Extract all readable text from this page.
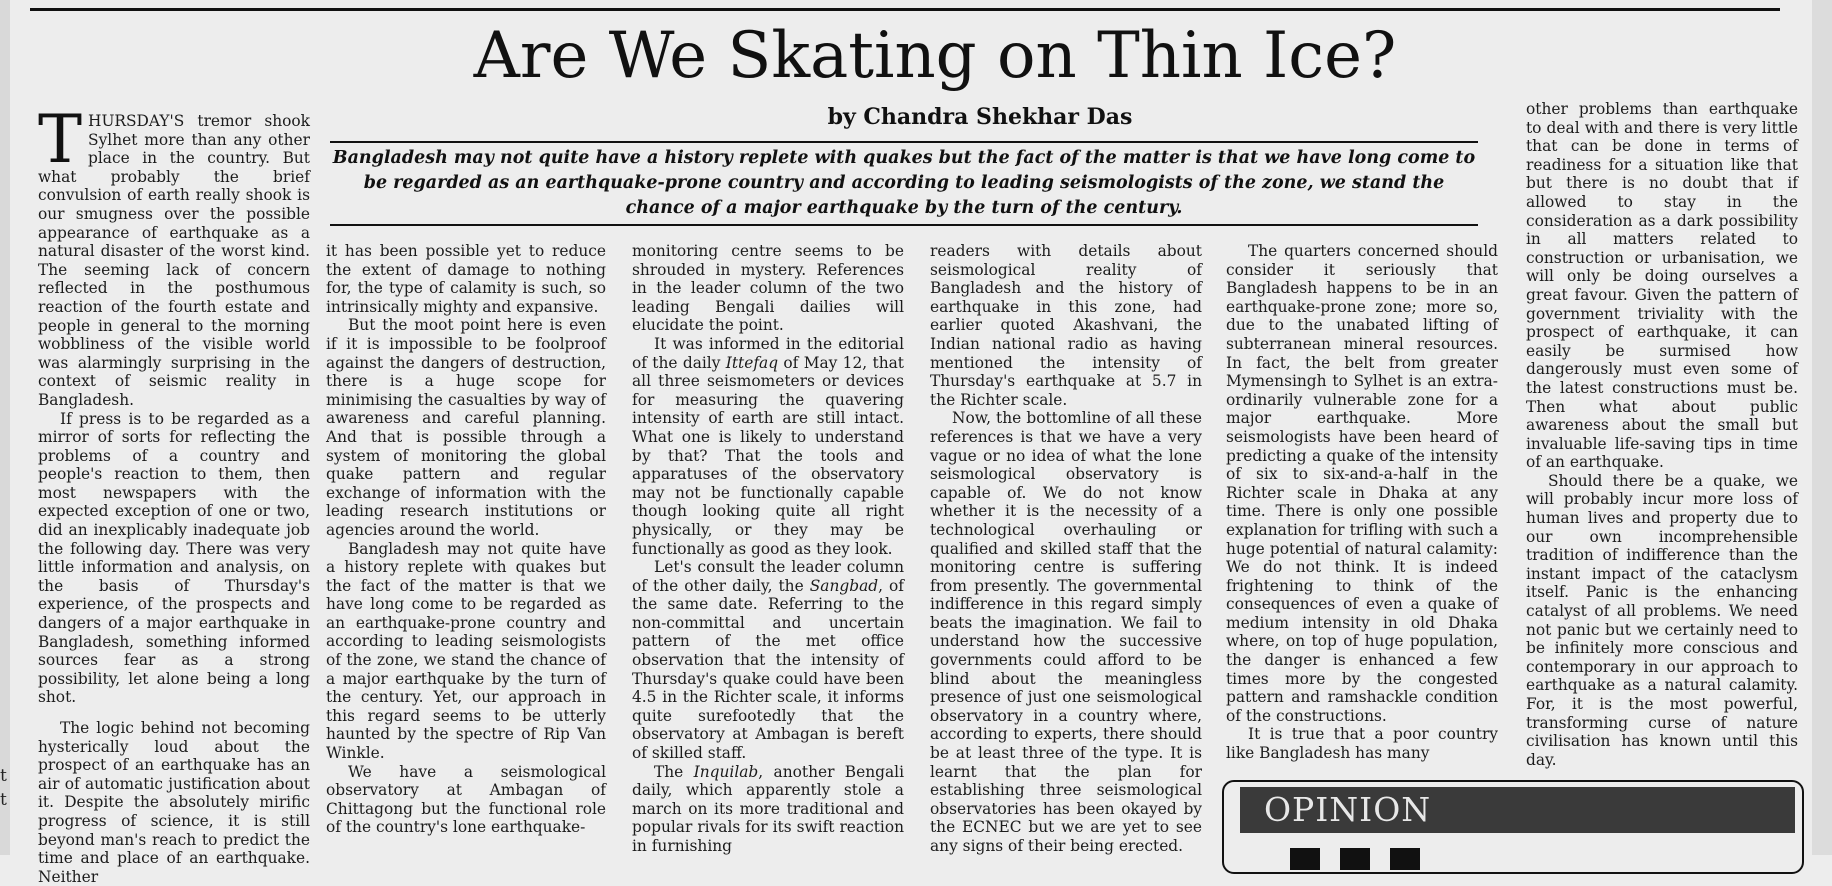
t
t
Are We Skating on Thin Ice?
by Chandra Shekhar Das
Bangladesh may not quite have a history replete with quakes but the fact of the matter is that we have long come to be regarded as an earthquake-prone country and according to leading seismologists of the zone, we stand the chance of a major earthquake by the turn of the century.

T HURSDAY'S tremor shook Sylhet more than any other place in the country. But what probably the brief convulsion of earth really shook is our smugness over the possible appearance of earthquake as a natural disaster of the worst kind. The seeming lack of concern reflected in the posthumous reaction of the fourth estate and people in general to the morning wobbliness of the visible world was alarmingly surprising in the context of seismic reality in Bangladesh.

If press is to be regarded as a mirror of sorts for reflecting the problems of a country and people's reaction to them, then most newspapers with the expected exception of one or two, did an inexplicably inadequate job the following day. There was very little information and analysis, on the basis of Thursday's experience, of the prospects and dangers of a major earthquake in Bangladesh, something informed sources fear as a strong possibility, let alone being a long shot.

The logic behind not becoming hysterically loud about the prospect of an earthquake has an air of automatic justification about it. Despite the absolutely mirific progress of science, it is still beyond man's reach to predict the time and place of an earthquake. Neither

it has been possible yet to reduce the extent of damage to nothing for, the type of calamity is such, so intrinsically mighty and expansive.

But the moot point here is even if it is impossible to be foolproof against the dangers of destruction, there is a huge scope for minimising the casualties by way of awareness and careful planning. And that is possible through a system of monitoring the global quake pattern and regular exchange of information with the leading research institutions or agencies around the world.

Bangladesh may not quite have a history replete with quakes but the fact of the matter is that we have long come to be regarded as an earthquake-prone country and according to leading seismologists of the zone, we stand the chance of a major earthquake by the turn of the century. Yet, our approach in this regard seems to be utterly haunted by the spectre of Rip Van Winkle.

We have a seismological observatory at Ambagan of Chittagong but the functional role of the country's lone earthquake-

monitoring centre seems to be shrouded in mystery. References in the leader column of the two leading Bengali dailies will elucidate the point.

It was informed in the editorial of the daily Ittefaq of May 12, that all three seismometers or devices for measuring the quavering intensity of earth are still intact. What one is likely to understand by that? That the tools and apparatuses of the observatory may not be functionally capable though looking quite all right physically, or they may be functionally as good as they look.

Let's consult the leader column of the other daily, the Sangbad, of the same date. Referring to the non-committal and uncertain pattern of the met office observation that the intensity of Thursday's quake could have been 4.5 in the Richter scale, it informs quite surefootedly that the observatory at Ambagan is bereft of skilled staff.

The Inquilab, another Bengali daily, which apparently stole a march on its more traditional and popular rivals for its swift reaction in furnishing

readers with details about seismological reality of Bangladesh and the history of earthquake in this zone, had earlier quoted Akashvani, the Indian national radio as having mentioned the intensity of Thursday's earthquake at 5.7 in the Richter scale.

Now, the bottomline of all these references is that we have a very vague or no idea of what the lone seismological observatory is capable of. We do not know whether it is the necessity of a technological overhauling or qualified and skilled staff that the monitoring centre is suffering from presently. The governmental indifference in this regard simply beats the imagination. We fail to understand how the successive governments could afford to be blind about the meaningless presence of just one seismological observatory in a country where, according to experts, there should be at least three of the type. It is learnt that the plan for establishing three seismological observatories has been okayed by the ECNEC but we are yet to see any signs of their being erected.

The quarters concerned should consider it seriously that Bangladesh happens to be in an earthquake-prone zone; more so, due to the unabated lifting of subterranean mineral resources. In fact, the belt from greater Mymensingh to Sylhet is an extra-ordinarily vulnerable zone for a major earthquake. More seismologists have been heard of predicting a quake of the intensity of six to six-and-a-half in the Richter scale in Dhaka at any time. There is only one possible explanation for trifling with such a huge potential of natural calamity: We do not think. It is indeed frightening to think of the consequences of even a quake of medium intensity in old Dhaka where, on top of huge population, the danger is enhanced a few times more by the congested pattern and ramshackle condition of the constructions.

It is true that a poor country like Bangladesh has many

other problems than earthquake to deal with and there is very little that can be done in terms of readiness for a situation like that but there is no doubt that if allowed to stay in the consideration as a dark possibility in all matters related to construction or urbanisation, we will only be doing ourselves a great favour. Given the pattern of government triviality with the prospect of earthquake, it can easily be surmised how dangerously must even some of the latest constructions must be. Then what about public awareness about the small but invaluable life-saving tips in time of an earthquake.

Should there be a quake, we will probably incur more loss of human lives and property due to our own incomprehensible tradition of indifference than the instant impact of the cataclysm itself. Panic is the enhancing catalyst of all problems. We need not panic but we certainly need to be infinitely more conscious and contemporary in our approach to earthquake as a natural calamity. For, it is the most powerful, transforming curse of nature civilisation has known until this day.

OPINION
